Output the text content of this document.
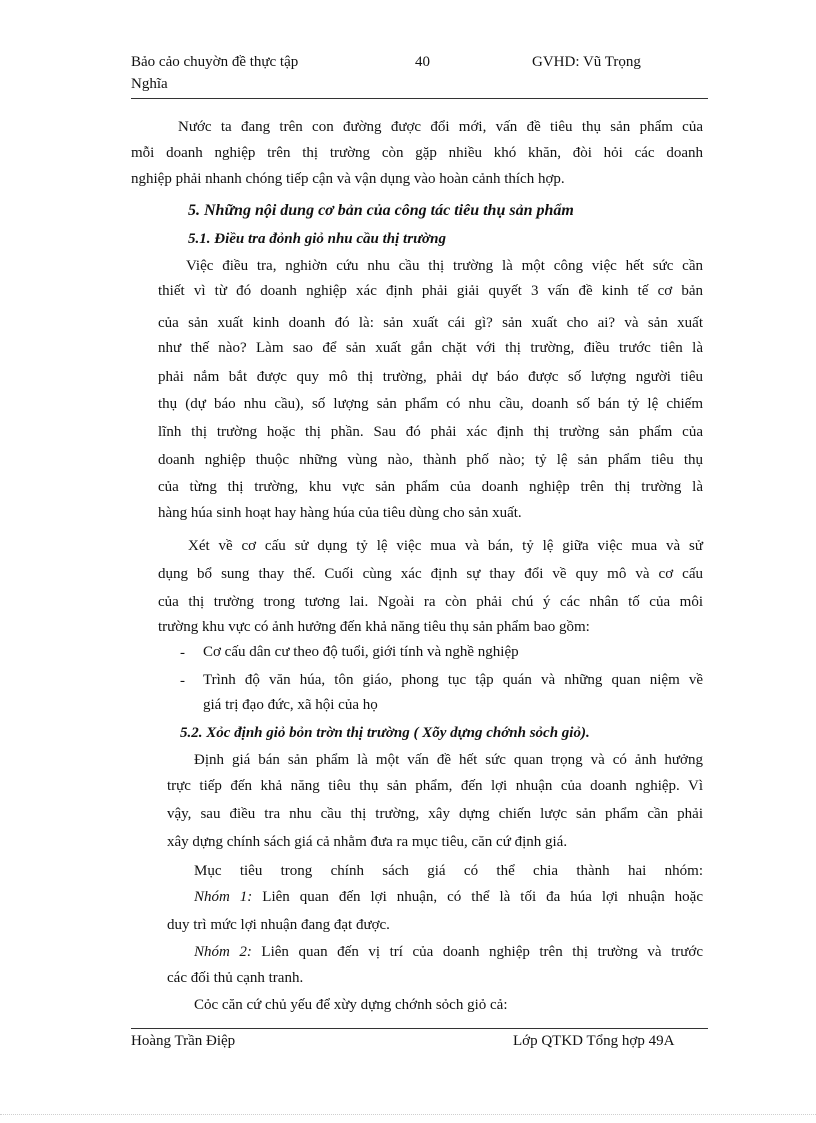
Bảo cảo chuyờn đề thực tập	40	GVHD: Vũ Trọng
Nghĩa
Nước ta đang trên con đường được đổi mới, vấn đề tiêu thụ sản phẩm của
mỗi doanh nghiệp trên thị trường còn gặp nhiều khó khăn, đòi hỏi các doanh
nghiệp phải nhanh chóng tiếp cận và vận dụng vào hoàn cảnh thích hợp.
5. Những nội dung cơ bản của công tác tiêu thụ sản phẩm
5.1. Điều tra đỏnh giỏ nhu cầu thị trường
Việc điều tra, nghiờn cứu nhu cầu thị trường là một công việc hết sức cần
thiết vì từ đó doanh nghiệp xác định phải giải quyết 3 vấn đề kinh tế cơ bản
của sản xuất kinh doanh đó là: sản xuất cái gì? sản xuất cho ai? và sản xuất
như thế nào? Làm sao để sản xuất gắn chặt với thị trường, điều trước tiên là
phải nắm bắt được quy mô thị trường, phải dự báo được số lượng người tiêu
thụ (dự báo nhu cầu), số lượng sản phẩm có nhu cầu, doanh số bán tỷ lệ chiếm
lĩnh thị trường hoặc thị phần. Sau đó phải xác định thị trường sản phẩm của
doanh nghiệp thuộc những vùng nào, thành phố nào; tỷ lệ sản phẩm tiêu thụ
của từng thị trường, khu vực sản phẩm của doanh nghiệp trên thị trường là
hàng húa sinh hoạt hay hàng húa của tiêu dùng cho sản xuất.
Xét về cơ cấu sử dụng tỷ lệ việc mua và bán, tỷ lệ giữa việc mua và sử
dụng bổ sung thay thế. Cuối cùng xác định sự thay đổi về quy mô và cơ cấu
của thị trường trong tương lai. Ngoài ra còn phải chú ý các nhân tố của môi
trường khu vực có ảnh hưởng đến khả năng tiêu thụ sản phẩm bao gồm:
- Cơ cấu dân cư theo độ tuổi, giới tính và nghề nghiệp
- Trình độ văn húa, tôn giáo, phong tục tập quán và những quan niệm về
giá trị đạo đức, xã hội của họ
5.2. Xỏc định giỏ bỏn trờn thị trường ( Xõy dựng chớnh sỏch giỏ).
Định giá bán sản phẩm là một vấn đề hết sức quan trọng và có ảnh hưởng
trực tiếp đến khả năng tiêu thụ sản phẩm, đến lợi nhuận của doanh nghiệp. Vì
vậy, sau điều tra nhu cầu thị trường, xây dựng chiến lược sản phẩm cần phải
xây dựng chính sách giá cả nhằm đưa ra mục tiêu, căn cứ định giá.
Mục tiêu trong chính sách giá có thể chia thành hai nhóm:
Nhóm 1: Liên quan đến lợi nhuận, có thể là tối đa húa lợi nhuận hoặc
duy trì mức lợi nhuận đang đạt được.
Nhóm 2: Liên quan đến vị trí của doanh nghiệp trên thị trường và trước
các đối thủ cạnh tranh.
Cỏc căn cứ chủ yếu để xừy dựng chớnh sỏch giỏ cả:
Hoàng Trần Điệp	Lớp QTKD Tổng hợp 49A
